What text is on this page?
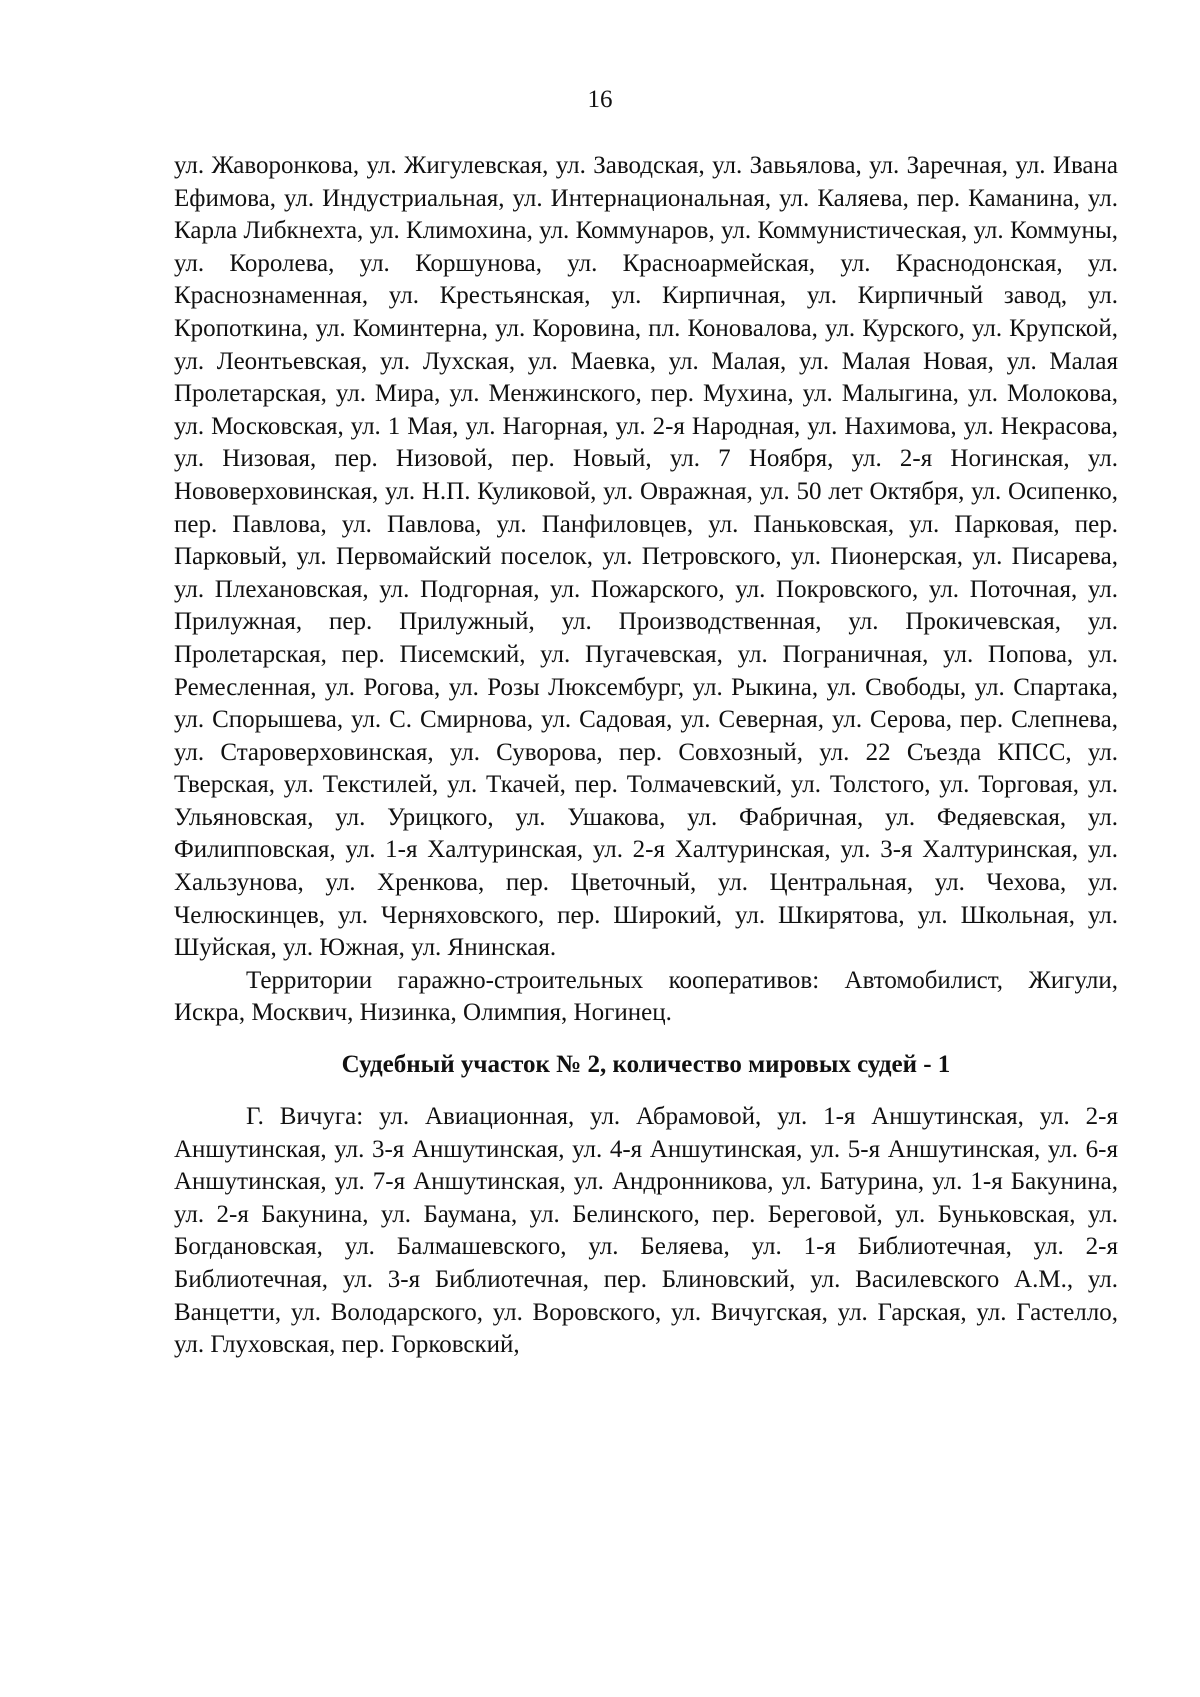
16

ул. Жаворонкова, ул. Жигулевская, ул. Заводская, ул. Завьялова, ул. Заречная, ул. Ивана Ефимова, ул. Индустриальная, ул. Интернациональная, ул. Каляева, пер. Каманина, ул. Карла Либкнехта, ул. Климохина, ул. Коммунаров, ул. Коммунистическая, ул. Коммуны, ул. Королева, ул. Коршунова, ул. Красноармейская, ул. Краснодонская, ул. Краснознаменная, ул. Крестьянская, ул. Кирпичная, ул. Кирпичный завод, ул. Кропоткина, ул. Коминтерна, ул. Коровина, пл. Коновалова, ул. Курского, ул. Крупской, ул. Леонтьевская, ул. Лухская, ул. Маевка, ул. Малая, ул. Малая Новая, ул. Малая Пролетарская, ул. Мира, ул. Менжинского, пер. Мухина, ул. Малыгина, ул. Молокова, ул. Московская, ул. 1 Мая, ул. Нагорная, ул. 2-я Народная, ул. Нахимова, ул. Некрасова, ул. Низовая, пер. Низовой, пер. Новый, ул. 7 Ноября, ул. 2-я Ногинская, ул. Нововерховинская, ул. Н.П. Куликовой, ул. Овражная, ул. 50 лет Октября, ул. Осипенко, пер. Павлова, ул. Павлова, ул. Панфиловцев, ул. Паньковская, ул. Парковая, пер. Парковый, ул. Первомайский поселок, ул. Петровского, ул. Пионерская, ул. Писарева, ул. Плехановская, ул. Подгорная, ул. Пожарского, ул. Покровского, ул. Поточная, ул. Прилужная, пер. Прилужный, ул. Производственная, ул. Прокичевская, ул. Пролетарская, пер. Писемский, ул. Пугачевская, ул. Пограничная, ул. Попова, ул. Ремесленная, ул. Рогова, ул. Розы Люксембург, ул. Рыкина, ул. Свободы, ул. Спартака, ул. Спорышева, ул. С. Смирнова, ул. Садовая, ул. Северная, ул. Серова, пер. Слепнева, ул. Староверховинская, ул. Суворова, пер. Совхозный, ул. 22 Съезда КПСС, ул. Тверская, ул. Текстилей, ул. Ткачей, пер. Толмачевский, ул. Толстого, ул. Торговая, ул. Ульяновская, ул. Урицкого, ул. Ушакова, ул. Фабричная, ул. Федяевская, ул. Филипповская, ул. 1-я Халтуринская, ул. 2-я Халтуринская, ул. 3-я Халтуринская, ул. Хальзунова, ул. Хренкова, пер. Цветочный, ул. Центральная, ул. Чехова, ул. Челюскинцев, ул. Черняховского, пер. Широкий, ул. Шкирятова, ул. Школьная, ул. Шуйская, ул. Южная, ул. Янинская.

Территории гаражно-строительных кооперативов: Автомобилист, Жигули, Искра, Москвич, Низинка, Олимпия, Ногинец.

Судебный участок № 2, количество мировых судей - 1

Г. Вичуга: ул. Авиационная, ул. Абрамовой, ул. 1-я Аншутинская, ул. 2-я Аншутинская, ул. 3-я Аншутинская, ул. 4-я Аншутинская, ул. 5-я Аншутинская, ул. 6-я Аншутинская, ул. 7-я Аншутинская, ул. Андронникова, ул. Батурина, ул. 1-я Бакунина, ул. 2-я Бакунина, ул. Баумана, ул. Белинского, пер. Береговой, ул. Буньковская, ул. Богдановская, ул. Балмашевского, ул. Беляева, ул. 1-я Библиотечная, ул. 2-я Библиотечная, ул. 3-я Библиотечная, пер. Блиновский, ул. Василевского А.М., ул. Ванцетти, ул. Володарского, ул. Воровского, ул. Вичугская, ул. Гарская, ул. Гастелло, ул. Глуховская, пер. Горковский,
